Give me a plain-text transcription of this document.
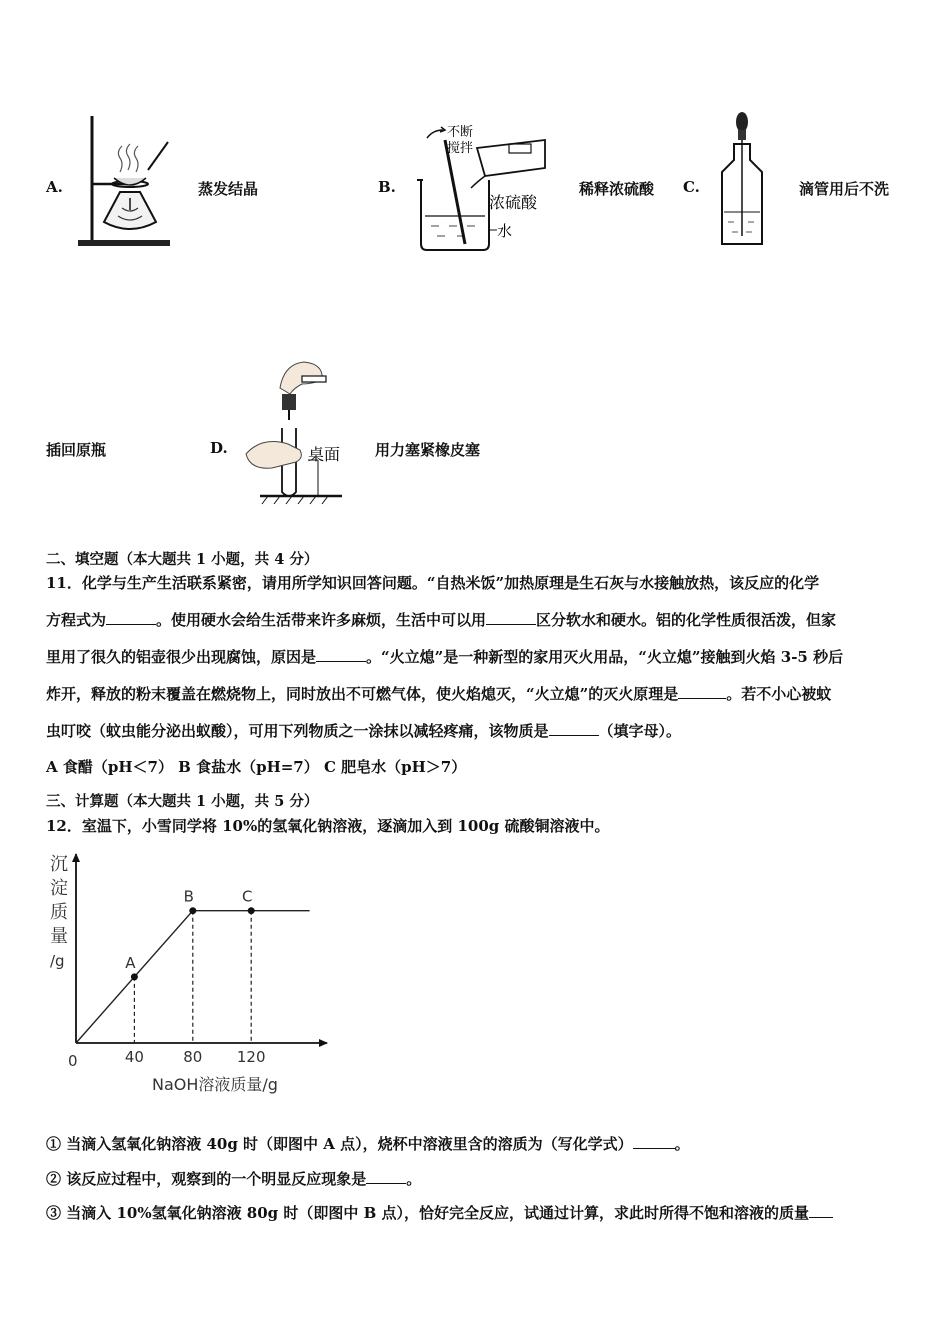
A.	蒸发结晶	B.
不断
搅拌
浓硫酸
水
稀释浓硫酸 C.	滴管用后不洗
插回原瓶	D.	桌面 用力塞紧橡皮塞
二、填空题（本大题共 1 小题，共 4 分）
11．化学与生产生活联系紧密，请用所学知识回答问题。“自热米饭”加热原理是生石灰与水接触放热，该反应的化学
方程式为	。使用硬水会给生活带来许多麻烦，生活中可以用	区分软水和硬水。铝的化学性质很活泼，但家
里用了很久的铝壶很少出现腐蚀，原因是	。“火立熄”是一种新型的家用灭火用品，“火立熄”接触到火焰 3-5 秒后
炸开，释放的粉末覆盖在燃烧物上，同时放出不可燃气体，使火焰熄灭，“火立熄”的灭火原理是	。若不小心被蚊
虫叮咬（蚊虫能分泌出蚁酸），可用下列物质之一涂抹以减轻疼痛，该物质是	（填字母）。
A 食醋（pH＜7） B 食盐水（pH=7） C 肥皂水（pH＞7）
三、计算题（本大题共 1 小题，共 5 分）
12．室温下，小雪同学将 10%的氢氧化钠溶液，逐滴加入到 100g 硫酸铜溶液中。
沉
淀
质
量
/g
0
NaOH溶液质量/g
A
B	C
40	80 120
① 当滴入氢氧化钠溶液 40g 时（即图中 A 点），烧杯中溶液里含的溶质为（写化学式）	。
② 该反应过程中，观察到的一个明显反应现象是	。
③ 当滴入 10%氢氧化钠溶液 80g 时（即图中 B 点），恰好完全反应，试通过计算，求此时所得不饱和溶液的质量
